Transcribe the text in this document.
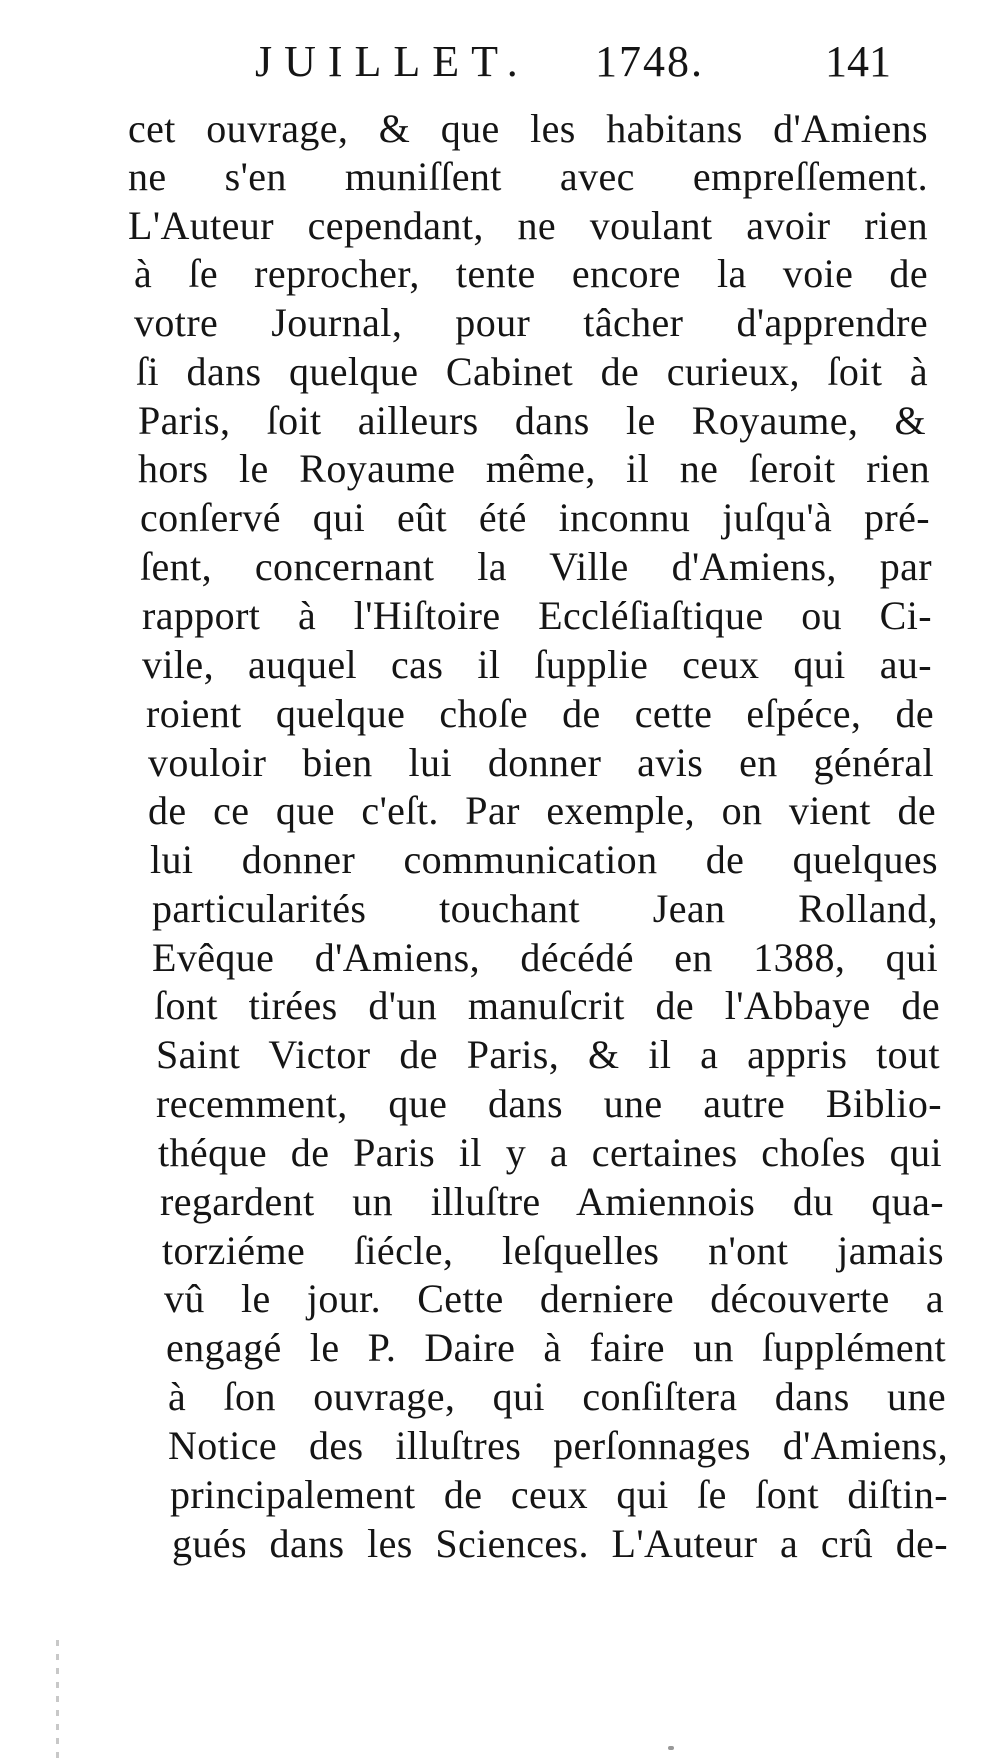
JUILLET. 1748.	141
cet ouvrage, & que les habitans d'Amiens
ne s'en muniſſent avec empreſſement.
L'Auteur cependant, ne voulant avoir rien
à ſe reprocher, tente encore la voie de
votre Journal, pour tâcher d'apprendre
ſi dans quelque Cabinet de curieux, ſoit à
Paris, ſoit ailleurs dans le Royaume, &
hors le Royaume même, il ne ſeroit rien
conſervé qui eût été inconnu juſqu'à pré-
ſent, concernant la Ville d'Amiens, par
rapport à l'Hiſtoire Eccléſiaſtique ou Ci-
vile, auquel cas il ſupplie ceux qui au-
roient quelque choſe de cette eſpéce, de
vouloir bien lui donner avis en général
de ce que c'eſt. Par exemple, on vient de
lui donner communication de quelques
particularités touchant Jean Rolland,
Evêque d'Amiens, décédé en 1388, qui
ſont tirées d'un manuſcrit de l'Abbaye de
Saint Victor de Paris, & il a appris tout
recemment, que dans une autre Biblio-
théque de Paris il y a certaines choſes qui
regardent un illuſtre Amiennois du qua-
torziéme ſiécle, leſquelles n'ont jamais
vû le jour. Cette derniere découverte a
engagé le P. Daire à faire un ſupplément
à ſon ouvrage, qui conſiſtera dans une
Notice des illuſtres perſonnages d'Amiens,
principalement de ceux qui ſe ſont diſtin-
gués dans les Sciences. L'Auteur a crû de-
